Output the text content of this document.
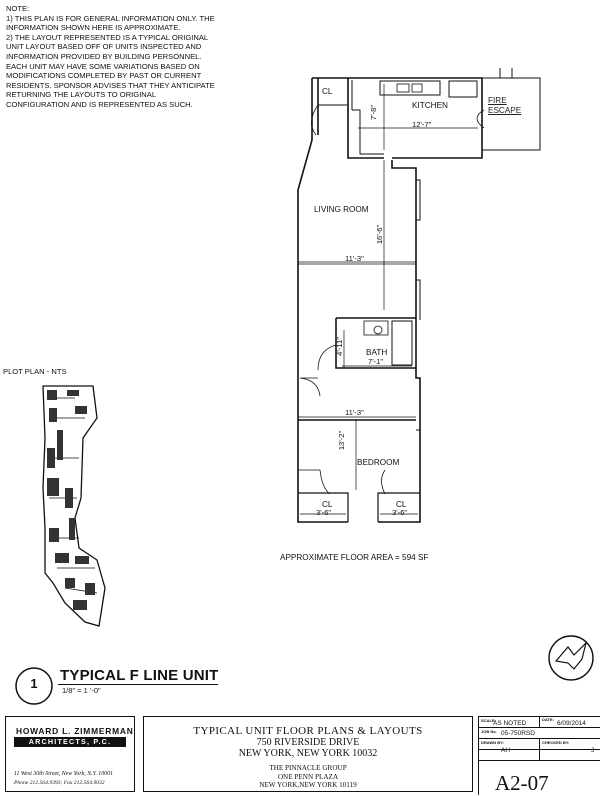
NOTE:

1) THIS PLAN IS FOR GENERAL INFORMATION ONLY. THE INFORMATION SHOWN HERE IS APPROXIMATE.

2) THE LAYOUT REPRESENTED IS A TYPICAL ORIGINAL UNIT LAYOUT BASED OFF OF UNITS INSPECTED AND INFORMATION PROVIDED BY BUILDING PERSONNEL. EACH UNIT MAY HAVE SOME VARIATIONS BASED ON MODIFICATIONS COMPLETED BY PAST OR CURRENT RESIDENTS. SPONSOR ADVISES THAT THEY ANTICIPATE RETURNING THE LAYOUTS TO ORIGINAL CONFIGURATION AND IS REPRESENTED AS SUCH.

CL
KITCHEN
FIRE ESCAPE
7'-8"
12'-7"
LIVING ROOM
16'-6"
11'-3"
BATH
4'-11"
7'-1"
11'-3"
13'-2"
BEDROOM
CL
3'-6"
CL
3'-6"
APPROXIMATE FLOOR AREA = 594 SF
PLOT PLAN - NTS
1	TYPICAL F LINE UNIT
1/8" = 1 '-0"
HOWARD L. ZIMMERMAN
ARCHITECTS, P.C.
11 West 30th Street, New York, N.Y. 10001
Phone 212.564.9393; Fax 212.564.9032
TYPICAL UNIT FLOOR PLANS & LAYOUTS
750 RIVERSIDE DRIVE
NEW YORK, NEW YORK 10032
THE PINNACLE GROUP
ONE PENN PLAZA
NEW YORK,NEW YORK 10119
SCALE:
AS NOTED
DATE:
6/09/2014
JOB No. 05-750RSD
DRAWN BY:
AH
CHECKED BY:
J
A2-07
